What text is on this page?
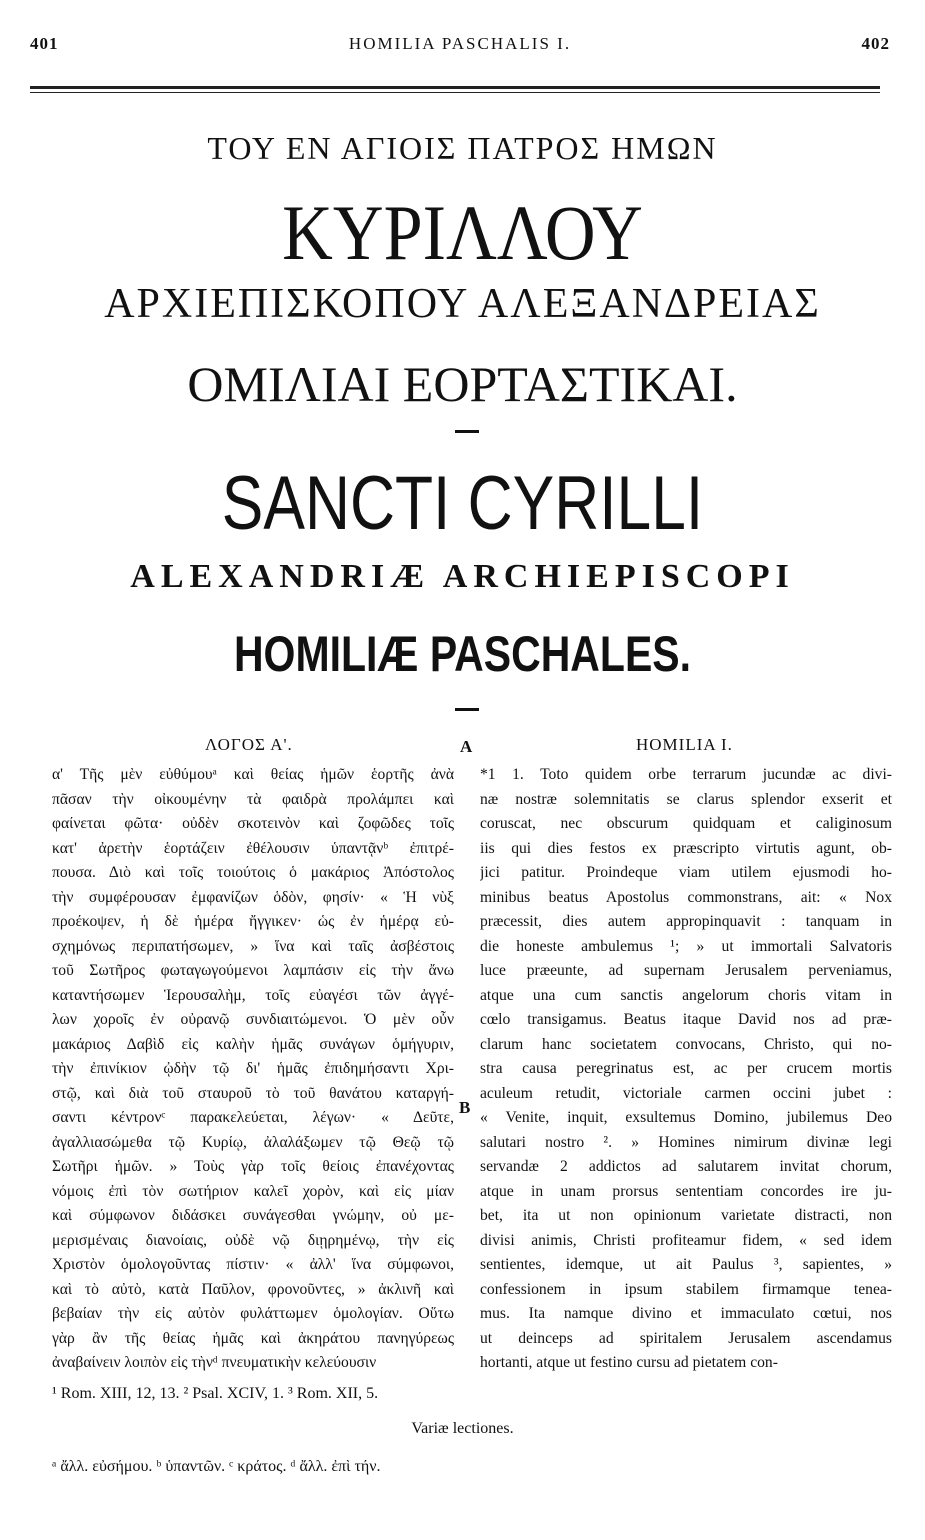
401	HOMILIA PASCHALIS I.	402
ΤΟΥ ΕΝ ΑΓΙΟΙΣ ΠΑΤΡΟΣ ΗΜΩΝ
ΚΥΡΙΛΛΟΥ
ΑΡΧΙΕΠΙΣΚΟΠΟΥ ΑΛΕΞΑΝΔΡΕΙΑΣ
ΟΜΙΛΙΑΙ ΕΟΡΤΑΣΤΙΚΑΙ.
SANCTI CYRILLI
ALEXANDRIÆ ARCHIEPISCOPI
HOMILIÆ PASCHALES.
ΛΟΓΟΣ Α'.	A	HOMILIA I.
B
α' Τῆς μὲν εὐθύμουᵃ καὶ θείας ἡμῶν ἑορτῆς ἀνὰ
πᾶσαν τὴν οἰκουμένην τὰ φαιδρὰ προλάμπει καὶ
φαίνεται φῶτα· οὐδὲν σκοτεινὸν καὶ ζοφῶδες τοῖς
κατ' ἀρετὴν ἑορτάζειν ἐθέλουσιν ὑπαντᾷνᵇ ἐπιτρέ-
πουσα. Διὸ καὶ τοῖς τοιούτοις ὁ μακάριος Ἀπόστολος
τὴν συμφέρουσαν ἐμφανίζων ὁδὸν, φησίν· « Ἡ νὺξ
προέκοψεν, ἡ δὲ ἡμέρα ἤγγικεν· ὡς ἐν ἡμέρᾳ εὐ-
σχημόνως περιπατήσωμεν, » ἵνα καὶ ταῖς ἀσβέστοις
τοῦ Σωτῆρος φωταγωγούμενοι λαμπάσιν εἰς τὴν ἄνω
καταντήσωμεν Ἱερουσαλὴμ, τοῖς εὐαγέσι τῶν ἀγγέ-
λων χοροῖς ἐν οὐρανῷ συνδιαιτώμενοι. Ὁ μὲν οὖν
μακάριος Δαβὶδ εἰς καλὴν ἡμᾶς συνάγων ὁμήγυριν,
τὴν ἐπινίκιον ᾠδὴν τῷ δι' ἡμᾶς ἐπιδημήσαντι Χρι-
στῷ, καὶ διὰ τοῦ σταυροῦ τὸ τοῦ θανάτου καταργή-
σαντι κέντρονᶜ παρακελεύεται, λέγων· « Δεῦτε,
ἀγαλλιασώμεθα τῷ Κυρίῳ, ἀλαλάξωμεν τῷ Θεῷ τῷ
Σωτῆρι ἡμῶν. » Τοὺς γὰρ τοῖς θείοις ἐπανέχοντας
νόμοις ἐπὶ τὸν σωτήριον καλεῖ χορὸν, καὶ εἰς μίαν
καὶ σύμφωνον διδάσκει συνάγεσθαι γνώμην, οὐ με-
μερισμέναις διανοίαις, οὐδὲ νῷ διῃρημένῳ, τὴν εἰς
Χριστὸν ὁμολογοῦντας πίστιν· « ἀλλ' ἵνα σύμφωνοι,
καὶ τὸ αὐτὸ, κατὰ Παῦλον, φρονοῦντες, » ἀκλινῆ καὶ
βεβαίαν τὴν εἰς αὐτὸν φυλάττωμεν ὁμολογίαν. Οὕτω
γὰρ ἂν τῆς θείας ἡμᾶς καὶ ἀκηράτου πανηγύρεως
ἀναβαίνειν λοιπὸν εἰς τὴνᵈ πνευματικὴν κελεύουσιν
*1 1. Toto quidem orbe terrarum jucundæ ac divi-
næ nostræ solemnitatis se clarus splendor exserit et
coruscat, nec obscurum quidquam et caliginosum
iis qui dies festos ex præscripto virtutis agunt, ob-
jici patitur. Proindeque viam utilem ejusmodi ho-
minibus beatus Apostolus commonstrans, ait: « Nox
præcessit, dies autem appropinquavit : tanquam in
die honeste ambulemus ¹; » ut immortali Salvatoris
luce præeunte, ad supernam Jerusalem perveniamus,
atque una cum sanctis angelorum choris vitam in
cœlo transigamus. Beatus itaque David nos ad præ-
clarum hanc societatem convocans, Christo, qui no-
stra causa peregrinatus est, ac per crucem mortis
aculeum retudit, victoriale carmen occini jubet :
« Venite, inquit, exsultemus Domino, jubilemus Deo
salutari nostro ². » Homines nimirum divinæ legi
servandæ 2 addictos ad salutarem invitat chorum,
atque in unam prorsus sententiam concordes ire ju-
bet, ita ut non opinionum varietate distracti, non
divisi animis, Christi profiteamur fidem, « sed idem
sentientes, idemque, ut ait Paulus ³, sapientes, »
confessionem in ipsum stabilem firmamque tenea-
mus. Ita namque divino et immaculato cœtui, nos
ut deinceps ad spiritalem Jerusalem ascendamus
hortanti, atque ut festino cursu ad pietatem con-
¹ Rom. XIII, 12, 13. ² Psal. XCIV, 1. ³ Rom. XII, 5.
Variæ lectiones.
ᵃ ἄλλ. εὐσήμου. ᵇ ὑπαντῶν. ᶜ κράτος. ᵈ ἄλλ. ἐπὶ τήν.
